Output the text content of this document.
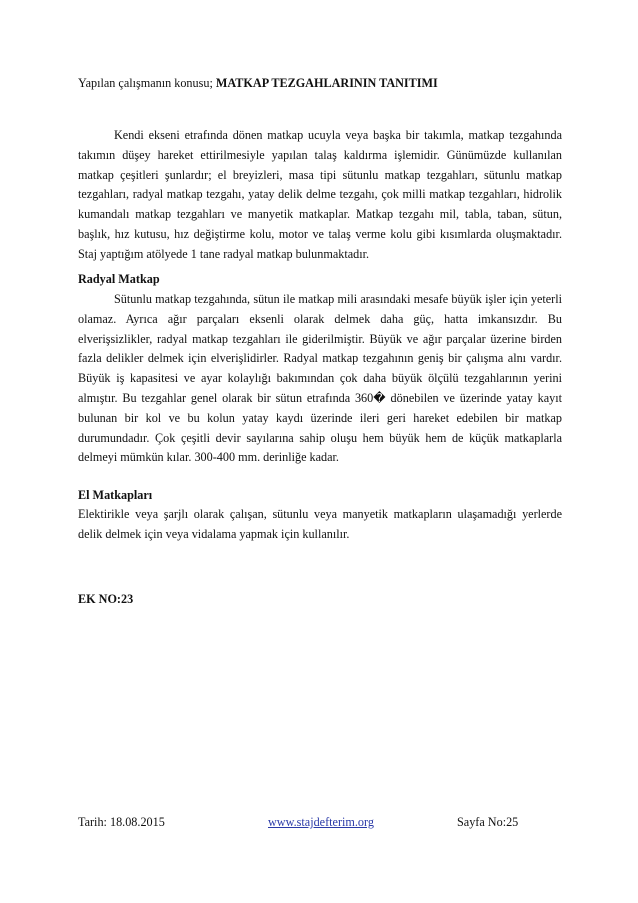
Yapılan çalışmanın konusu; MATKAP TEZGAHLARININ TANITIMI

Kendi ekseni etrafında dönen matkap ucuyla veya başka bir takımla, matkap tezgahında takımın düşey hareket ettirilmesiyle yapılan talaş kaldırma işlemidir. Günümüzde kullanılan matkap çeşitleri şunlardır; el breyizleri, masa tipi sütunlu matkap tezgahları, sütunlu matkap tezgahları, radyal matkap tezgahı, yatay delik delme tezgahı, çok milli matkap tezgahları, hidrolik kumandalı matkap tezgahları ve manyetik matkaplar. Matkap tezgahı mil, tabla, taban, sütun, başlık, hız kutusu, hız değiştirme kolu, motor ve talaş verme kolu gibi kısımlarda oluşmaktadır. Staj yaptığım atölyede 1 tane radyal matkap bulunmaktadır.

Radyal Matkap

Sütunlu matkap tezgahında, sütun ile matkap mili arasındaki mesafe büyük işler için yeterli olamaz. Ayrıca ağır parçaları eksenli olarak delmek daha güç, hatta imkansızdır. Bu elverişsizlikler, radyal matkap tezgahları ile giderilmiştir. Büyük ve ağır parçalar üzerine birden fazla delikler delmek için elverişlidirler. Radyal matkap tezgahının geniş bir çalışma alnı vardır. Büyük iş kapasitesi ve ayar kolaylığı bakımından çok daha büyük ölçülü tezgahlarının yerini almıştır. Bu tezgahlar genel olarak bir sütun etrafında 360� dönebilen ve üzerinde yatay kayıt bulunan bir kol ve bu kolun yatay kaydı üzerinde ileri geri hareket edebilen bir matkap durumundadır. Çok çeşitli devir sayılarına sahip oluşu hem büyük hem de küçük matkaplarla delmeyi mümkün kılar. 300-400 mm. derinliğe kadar.

El Matkapları

Elektirikle veya şarjlı olarak çalışan, sütunlu veya manyetik matkapların ulaşamadığı yerlerde delik delmek için veya vidalama yapmak için kullanılır.

EK NO:23
Tarih: 18.08.2015	www.stajdefterim.org	Sayfa No:25
